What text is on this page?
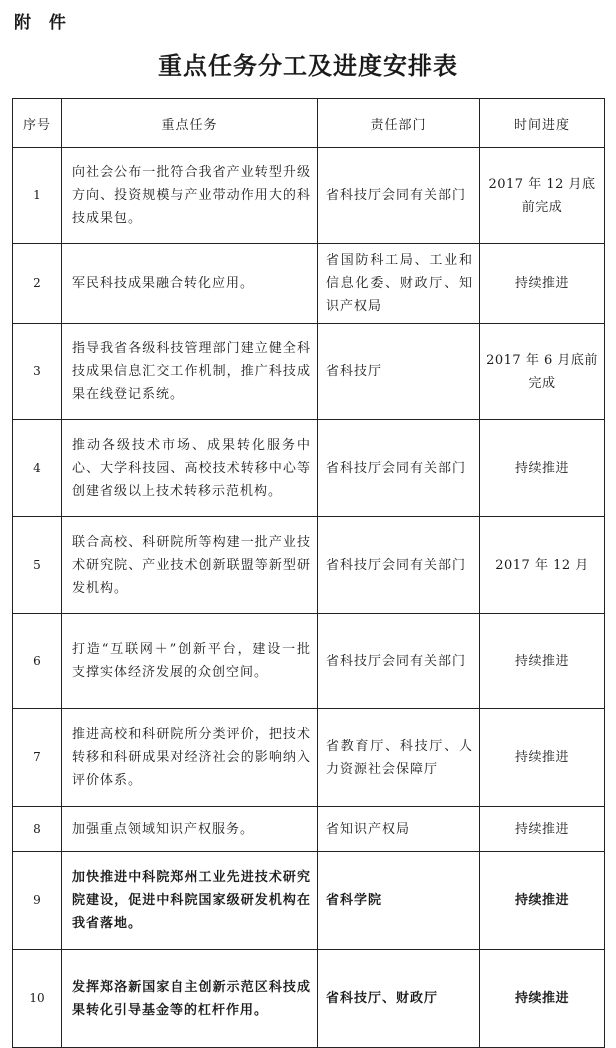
附 件
重点任务分工及进度安排表
序号	重点任务	责任部门	时间进度
1	向社会公布一批符合我省产业转型升级方向、投资规模与产业带动作用大的科技成果包。	省科技厅会同有关部门	2017 年 12 月底前完成
2	军民科技成果融合转化应用。	省国防科工局、工业和信息化委、财政厅、知识产权局	持续推进
3	指导我省各级科技管理部门建立健全科技成果信息汇交工作机制，推广科技成果在线登记系统。	省科技厅	2017 年 6 月底前完成
4	推动各级技术市场、成果转化服务中心、大学科技园、高校技术转移中心等创建省级以上技术转移示范机构。	省科技厅会同有关部门	持续推进
5	联合高校、科研院所等构建一批产业技术研究院、产业技术创新联盟等新型研发机构。	省科技厅会同有关部门	2017 年 12 月
6	打造“互联网＋”创新平台，建设一批支撑实体经济发展的众创空间。	省科技厅会同有关部门	持续推进
7	推进高校和科研院所分类评价，把技术转移和科研成果对经济社会的影响纳入评价体系。	省教育厅、科技厅、人力资源社会保障厅	持续推进
8	加强重点领域知识产权服务。	省知识产权局	持续推进
9	加快推进中科院郑州工业先进技术研究院建设，促进中科院国家级研发机构在我省落地。	省科学院	持续推进
10	发挥郑洛新国家自主创新示范区科技成果转化引导基金等的杠杆作用。	省科技厅、财政厅	持续推进
